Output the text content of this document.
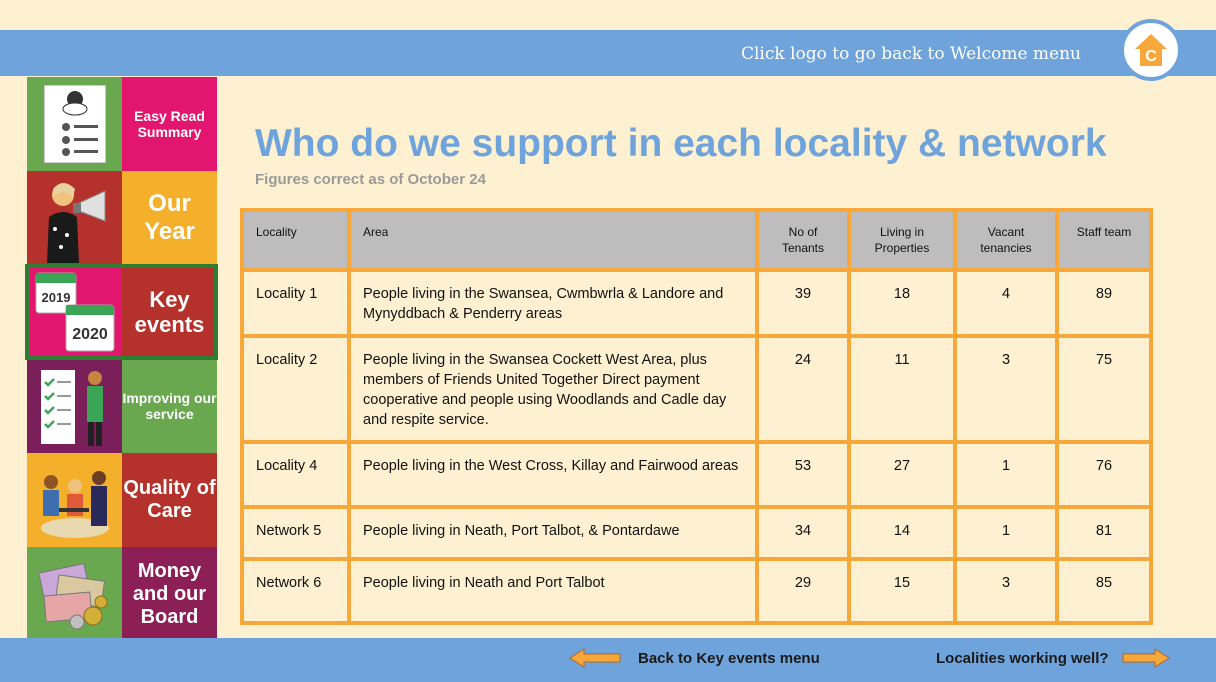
Click logo to go back to Welcome menu	C
Easy Read Summary
Our Year
2019
2020
Key events
Improving our service
Quality of Care
Money and our Board
Who do we support in each locality & network
Figures correct as of October 24
Locality	Area	No of Tenants	Living in Properties	Vacant tenancies	Staff team
Locality 1	People living in the Swansea, Cwmbwrla & Landore and Mynyddbach & Penderry areas	39	18	4	89
Locality 2	People living in the Swansea Cockett West Area, plus members of Friends United Together Direct payment cooperative and people using Woodlands and Cadle day and respite service.	24	11	3	75
Locality 4	People living in the West Cross, Killay and Fairwood areas	53	27	1	76
Network 5	People living in Neath, Port Talbot, & Pontardawe	34	14	1	81
Network 6	People living in Neath and Port Talbot	29	15	3	85
Back to Key events menu	Localities working well?
